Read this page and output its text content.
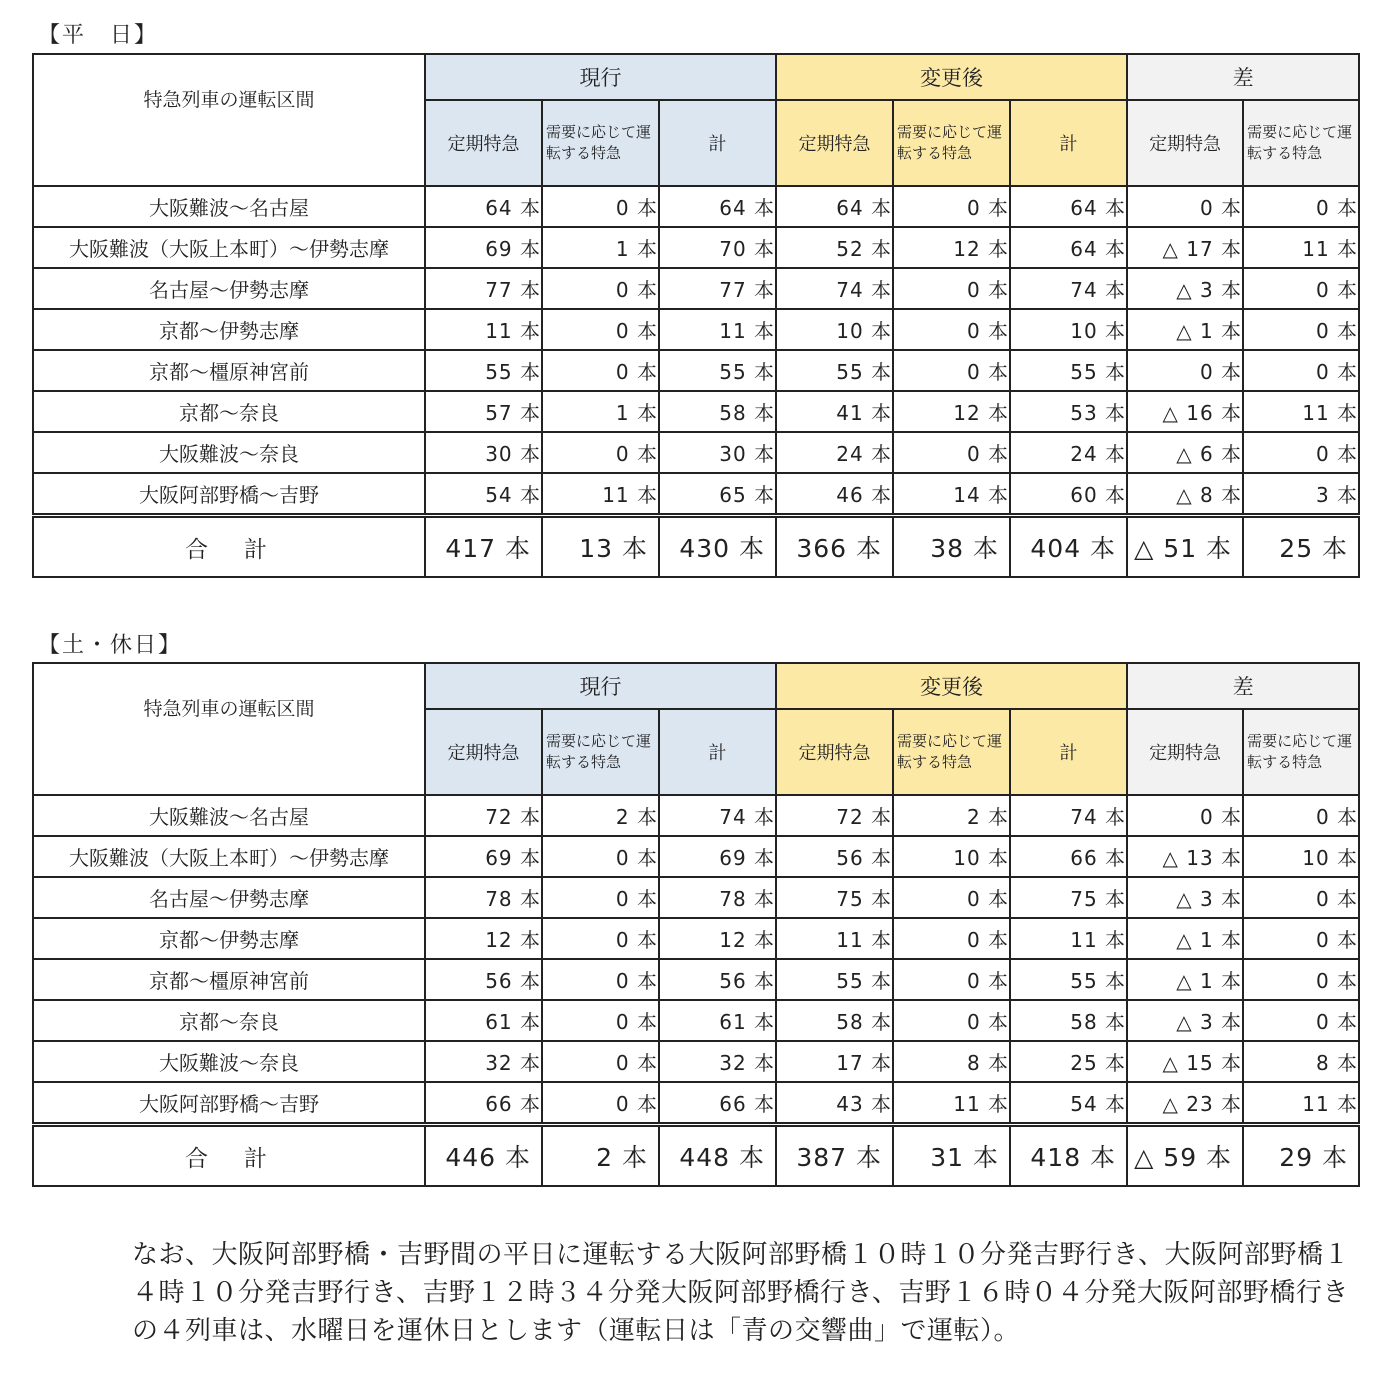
【平　日】
特急列車の運転区間	現行			変更後			差	
	定期特急	需要に応じて運転する特急	計	定期特急	需要に応じて運転する特急	計	定期特急	需要に応じて運転する特急
大阪難波～名古屋	64 本	0 本	64 本	64 本	0 本	64 本	0 本	0 本
大阪難波（大阪上本町）～伊勢志摩	69 本	1 本	70 本	52 本	12 本	64 本	△ 17 本	11 本
名古屋～伊勢志摩	77 本	0 本	77 本	74 本	0 本	74 本	△ 3 本	0 本
京都～伊勢志摩	11 本	0 本	11 本	10 本	0 本	10 本	△ 1 本	0 本
京都～橿原神宮前	55 本	0 本	55 本	55 本	0 本	55 本	0 本	0 本
京都～奈良	57 本	1 本	58 本	41 本	12 本	53 本	△ 16 本	11 本
大阪難波～奈良	30 本	0 本	30 本	24 本	0 本	24 本	△ 6 本	0 本
大阪阿部野橋～吉野	54 本	11 本	65 本	46 本	14 本	60 本	△ 8 本	3 本
合計	417 本	13 本	430 本	366 本	38 本	404 本	△ 51 本	25 本
【土・休日】
特急列車の運転区間	現行			変更後			差	
	定期特急	需要に応じて運転する特急	計	定期特急	需要に応じて運転する特急	計	定期特急	需要に応じて運転する特急
大阪難波～名古屋	72 本	2 本	74 本	72 本	2 本	74 本	0 本	0 本
大阪難波（大阪上本町）～伊勢志摩	69 本	0 本	69 本	56 本	10 本	66 本	△ 13 本	10 本
名古屋～伊勢志摩	78 本	0 本	78 本	75 本	0 本	75 本	△ 3 本	0 本
京都～伊勢志摩	12 本	0 本	12 本	11 本	0 本	11 本	△ 1 本	0 本
京都～橿原神宮前	56 本	0 本	56 本	55 本	0 本	55 本	△ 1 本	0 本
京都～奈良	61 本	0 本	61 本	58 本	0 本	58 本	△ 3 本	0 本
大阪難波～奈良	32 本	0 本	32 本	17 本	8 本	25 本	△ 15 本	8 本
大阪阿部野橋～吉野	66 本	0 本	66 本	43 本	11 本	54 本	△ 23 本	11 本
合計	446 本	2 本	448 本	387 本	31 本	418 本	△ 59 本	29 本
なお、大阪阿部野橋・吉野間の平日に運転する大阪阿部野橋１０時１０分発吉野行き、大阪阿部野橋１４時１０分発吉野行き、吉野１２時３４分発大阪阿部野橋行き、吉野１６時０４分発大阪阿部野橋行きの４列車は、水曜日を運休日とします（運転日は「青の交響曲」で運転）。
